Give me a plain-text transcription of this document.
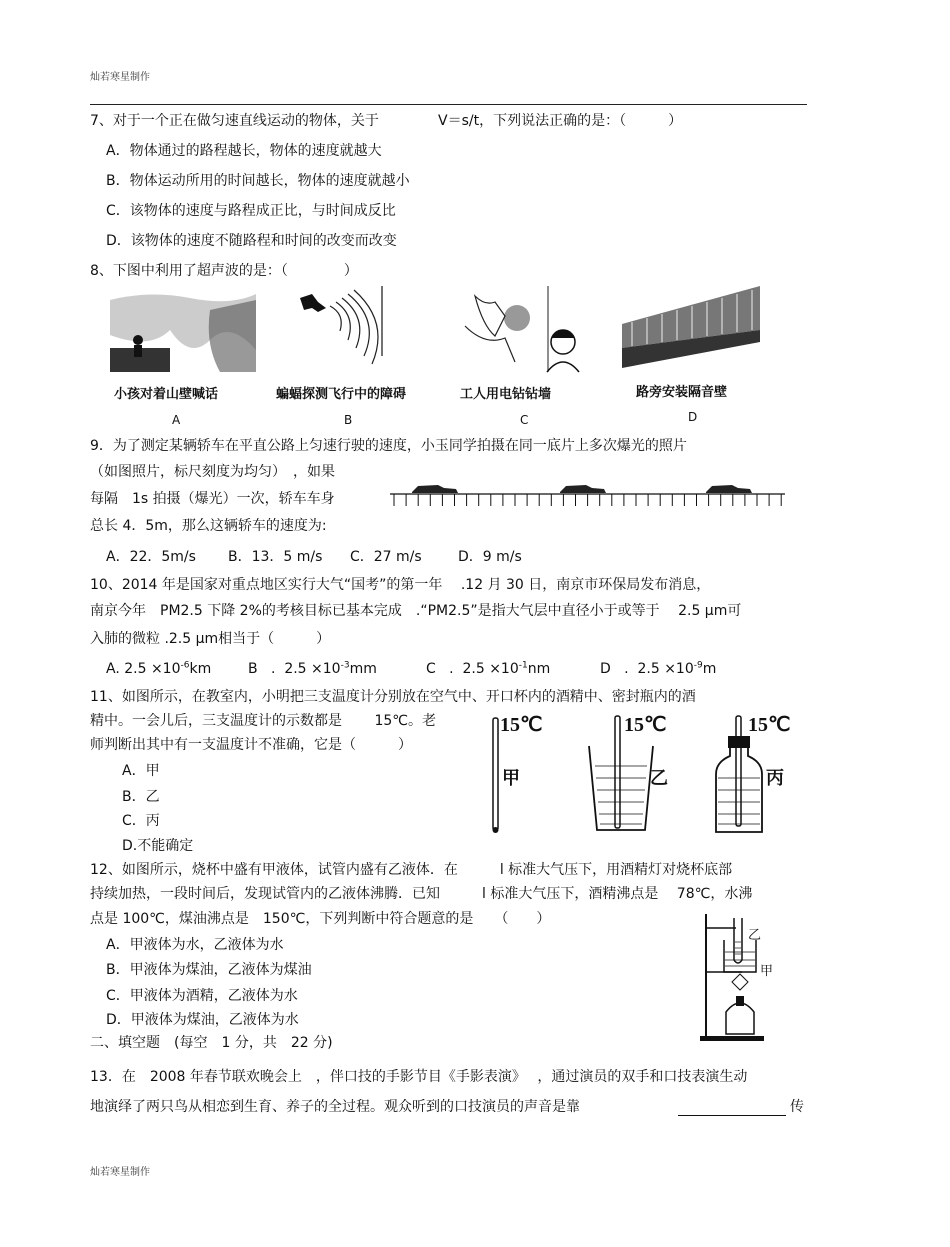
灿若寒星制作
7、对于一个正在做匀速直线运动的物体，关于	V＝s/t，下列说法正确的是：（　　　）
A．物体通过的路程越长，物体的速度就越大
B．物体运动所用的时间越长，物体的速度就越小
C．该物体的速度与路程成正比，与时间成反比
D．该物体的速度不随路程和时间的改变而改变
8、下图中利用了超声波的是：（　　　　）
小孩对着山壁喊话	蝙蝠探测飞行中的障碍	工人用电钻钻墙	路旁安装隔音壁
A	B	C	D
9．为了测定某辆轿车在平直公路上匀速行驶的速度，小玉同学拍摄在同一底片上多次爆光的照片
（如图照片，标尺刻度为均匀）　，如果
每隔　1s 拍摄（爆光）一次，轿车车身
总长 4．5m，那么这辆轿车的速度为:
A．22．5m/s B．13．5 m/s C．27 m/s	D．9 m/s
10、2014 年是国家对重点地区实行大气“国考”的第一年　 .12 月 30 日，南京市环保局发布消息，
南京今年　PM2.5 下降 2%的考核目标已基本完成　.“PM2.5”是指大气层中直径小于或等于　 2.5 μm可
入肺的微粒 .2.5 μm相当于（　　　）
A. $2.5 \times 10^{-6}km$	B   .  $2.5 \times 10^{-3}mm$	C   .  $2.5 \times 10^{-1}nm$	D   .  $2.5 \times 10^{-9}m$
11、如图所示，在教室内，小明把三支温度计分别放在空气中、开口杯内的酒精中、密封瓶内的酒
精中。一会儿后，三支温度计的示数都是　　 15℃。老
师判断出其中有一支温度计不准确，它是（　　　）
A．甲
B．乙
C．丙
D.不能确定
15℃
甲
15℃
乙
15℃
丙
12、如图所示，烧杯中盛有甲液体，试管内盛有乙液体．在　　　l 标准大气压下，用酒精灯对烧杯底部
持续加热，一段时间后，发现试管内的乙液体沸腾．已知　　　l 标准大气压下，酒精沸点是　 78℃，水沸
点是 100℃，煤油沸点是　150℃，下列判断中符合题意的是　　（　　）
A．甲液体为水，乙液体为水
B．甲液体为煤油，乙液体为煤油
C．甲液体为酒精，乙液体为水
D．甲液体为煤油，乙液体为水
乙
甲
二、填空题　(每空　1 分，共　22 分)
13．在　2008 年春节联欢晚会上　，伴口技的手影节目《手影表演》　 ，通过演员的双手和口技表演生动
地演绎了两只鸟从相恋到生育、养子的全过程。观众听到的口技演员的声音是靠	传
灿若寒星制作
